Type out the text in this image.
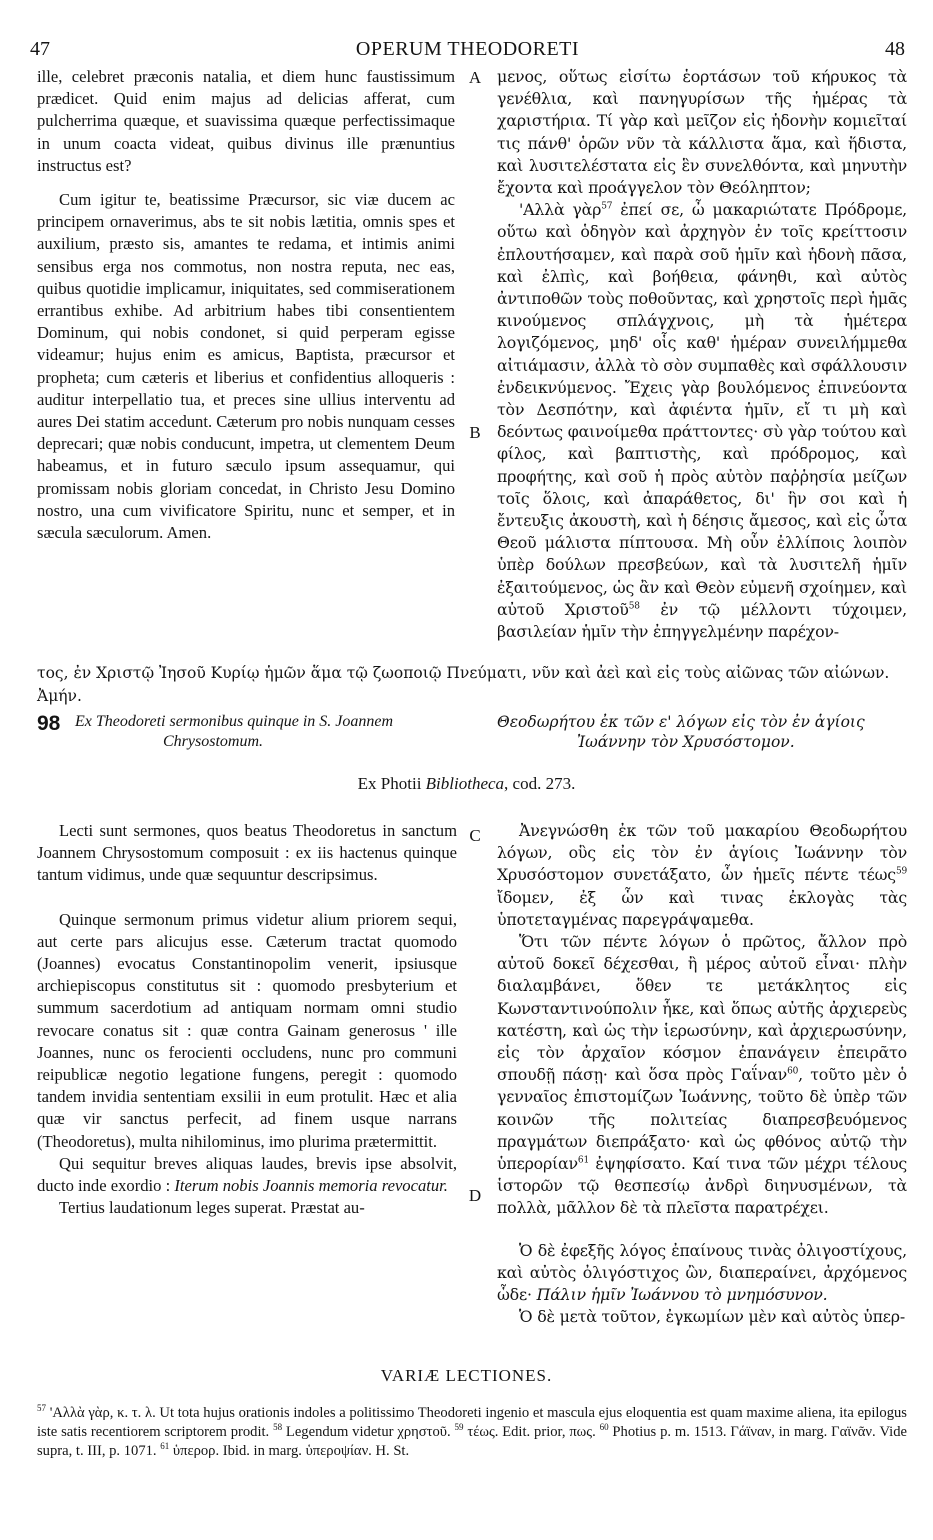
47	OPERUM THEODORETI	48
A
B
C
D

ille, celebret præconis natalia, et diem hunc faustissimum prædicet. Quid enim majus ad delicias afferat, cum pulcherrima quæque, et suavissima quæque perfectissimaque in unum coacta videat, quibus divinus ille prænuntius instructus est?

Cum igitur te, beatissime Præcursor, sic viæ ducem ac principem ornaverimus, abs te sit nobis lætitia, omnis spes et auxilium, præsto sis, amantes te redama, et intimis animi sensibus erga nos commotus, non nostra reputa, nec eas, quibus quotidie implicamur, iniquitates, sed commiserationem errantibus exhibe. Ad arbitrium habes tibi consentientem Dominum, qui nobis condonet, si quid perperam egisse videamur; hujus enim es amicus, Baptista, præcursor et propheta; cum cæteris et liberius et confidentius alloqueris : auditur interpellatio tua, et preces sine ullius interventu ad aures Dei statim accedunt. Cæterum pro nobis nunquam cesses deprecari; quæ nobis conducunt, impetra, ut clementem Deum habeamus, et in futuro sæculo ipsum assequamur, qui promissam nobis gloriam concedat, in Christo Jesu Domino nostro, una cum vivificatore Spiritu, nunc et semper, et in sæcula sæculorum. Amen.

μενος, οὕτως εἰσίτω ἑορτάσων τοῦ κήρυκος τὰ γενέθλια, καὶ πανηγυρίσων τῆς ἡμέρας τὰ χαριστήρια. Τί γὰρ καὶ μεῖζον εἰς ἡδονὴν κομιεῖταί τις πάνθ' ὁρῶν νῦν τὰ κάλλιστα ἅμα, καὶ ἥδιστα, καὶ λυσιτελέστατα εἰς ἓν συνελθόντα, καὶ μηνυτὴν ἔχοντα καὶ προάγγελον τὸν Θεόληπτον;

'Αλλὰ γὰρ$^{57}$ ἐπεί σε, ὦ μακαριώτατε Πρόδρομε, οὕτω καὶ ὁδηγὸν καὶ ἀρχηγὸν ἐν τοῖς κρείττοσιν ἐπλουτήσαμεν, καὶ παρὰ σοῦ ἡμῖν καὶ ἡδονὴ πᾶσα, καὶ ἐλπὶς, καὶ βοήθεια, φάνηθι, καὶ αὐτὸς ἀντιποθῶν τοὺς ποθοῦντας, καὶ χρηστοῖς περὶ ἡμᾶς κινούμενος σπλάγχνοις, μὴ τὰ ἡμέτερα λογιζόμενος, μηδ' οἷς καθ' ἡμέραν συνειλήμμεθα αἰτιάμασιν, ἀλλὰ τὸ σὸν συμπαθὲς καὶ σφάλλουσιν ἐνδεικνύμενος. Ἔχεις γὰρ βουλόμενος ἐπινεύοντα τὸν Δεσπότην, καὶ ἀφιέντα ἡμῖν, εἴ τι μὴ καὶ δεόντως φαινοίμεθα πράττοντες· σὺ γὰρ τούτου καὶ φίλος, καὶ βαπτιστὴς, καὶ πρόδρομος, καὶ προφήτης, καὶ σοῦ ἡ πρὸς αὐτὸν παῤῥησία μείζων τοῖς ὅλοις, καὶ ἀπαράθετος, δι' ἣν σοι καὶ ἡ ἔντευξις ἀκουστὴ, καὶ ἡ δέησις ἄμεσος, καὶ εἰς ὦτα Θεοῦ μάλιστα πίπτουσα. Μὴ οὖν ἐλλίποις λοιπὸν ὑπὲρ δούλων πρεσβεύων, καὶ τὰ λυσιτελῆ ἡμῖν ἐξαιτούμενος, ὡς ἂν καὶ Θεὸν εὐμενῆ σχοίημεν, καὶ αὐτοῦ Χριστοῦ$^{58}$ ἐν τῷ μέλλοντι τύχοιμεν, βασιλείαν ἡμῖν τὴν ἐπηγγελμένην παρέχον-

τος, ἐν Χριστῷ Ἰησοῦ Κυρίῳ ἡμῶν ἅμα τῷ ζωοποιῷ Πνεύματι, νῦν καὶ ἀεὶ καὶ εἰς τοὺς αἰῶνας τῶν αἰώνων. Ἀμήν.
98 Ex Theodoreti sermonibus quinque in S. Joannem
Chrysostomum.
Θεοδωρήτου ἐκ τῶν ε' λόγων εἰς τὸν ἐν ἁγίοις
Ἰωάννην τὸν Χρυσόστομον.
Ex Photii Bibliotheca, cod. 273.

Lecti sunt sermones, quos beatus Theodoretus in sanctum Joannem Chrysostomum composuit : ex iis hactenus quinque tantum vidimus, unde quæ sequuntur descripsimus.

Quinque sermonum primus videtur alium priorem sequi, aut certe pars alicujus esse. Cæterum tractat quomodo (Joannes) evocatus Constantinopolim venerit, ipsiusque archiepiscopus constitutus sit : quomodo presbyterium et summum sacerdotium ad antiquam normam omni studio revocare conatus sit : quæ contra Gainam generosus ' ille Joannes, nunc os ferocienti occludens, nunc pro communi reipublicæ negotio legatione fungens, peregit : quomodo tandem invidia sententiam exsilii in eum protulit. Hæc et alia quæ vir sanctus perfecit, ad finem usque narrans (Theodoretus), multa nihilominus, imo plurima prætermittit.

Qui sequitur breves aliquas laudes, brevis ipse absolvit, ducto inde exordio : Iterum nobis Joannis memoria revocatur.

Tertius laudationum leges superat. Præstat au-

Ἀνεγνώσθη ἐκ τῶν τοῦ μακαρίου Θεοδωρήτου λόγων, οὓς εἰς τὸν ἐν ἁγίοις Ἰωάννην τὸν Χρυσόστομον συνετάξατο, ὧν ἡμεῖς πέντε τέως$^{59}$ ἴδομεν, ἐξ ὧν καὶ τινας ἐκλογὰς τὰς ὑποτεταγμένας παρεγράψαμεθα.

Ὅτι τῶν πέντε λόγων ὁ πρῶτος, ἄλλον πρὸ αὐτοῦ δοκεῖ δέχεσθαι, ἢ μέρος αὐτοῦ εἶναι· πλὴν διαλαμβάνει, ὅθεν τε μετάκλητος εἰς Κωνσταντινούπολιν ἧκε, καὶ ὅπως αὐτῆς ἀρχιερεὺς κατέστη, καὶ ὡς τὴν ἱερωσύνην, καὶ ἀρχιερωσύνην, εἰς τὸν ἀρχαῖον κόσμον ἐπανάγειν ἐπειρᾶτο σπουδῇ πάσῃ· καὶ ὅσα πρὸς Γαΐναν$^{60}$, τοῦτο μὲν ὁ γενναῖος ἐπιστομίζων Ἰωάννης, τοῦτο δὲ ὑπὲρ τῶν κοινῶν τῆς πολιτείας διαπρεσβευόμενος πραγμάτων διεπράξατο· καὶ ὡς φθόνος αὐτῷ τὴν ὑπερορίαν$^{61}$ ἐψηφίσατο. Καί τινα τῶν μέχρι τέλους ἱστορῶν τῷ θεσπεσίῳ ἀνδρὶ διηνυσμένων, τὰ πολλὰ, μᾶλλον δὲ τὰ πλεῖστα παρατρέχει.

Ὁ δὲ ἐφεξῆς λόγος ἐπαίνους τινὰς ὀλιγοστίχους, καὶ αὐτὸς ὀλιγόστιχος ὢν, διαπεραίνει, ἀρχόμενος ὧδε· Πάλιν ἡμῖν Ἰωάννου τὸ μνημόσυνον.

Ὁ δὲ μετὰ τοῦτον, ἐγκωμίων μὲν καὶ αὐτὸς ὑπερ-

VARIÆ LECTIONES.
$^{57}$ 'Αλλὰ γὰρ, κ. τ. λ. Ut tota hujus orationis indoles a politissimo Theodoreti ingenio et mascula ejus eloquentia est quam maxime aliena, ita epilogus iste satis recentiorem scriptorem prodit. $^{58}$ Legendum videtur χρηστοῦ. $^{59}$ τέως. Edit. prior, πως. $^{60}$ Photius p. m. 1513. Γάϊναν, in marg. Γαϊνᾶν. Vide supra, t. III, p. 1071. $^{61}$ ὑπερορ. Ibid. in marg. ὑπεροψίαν. H. St.
